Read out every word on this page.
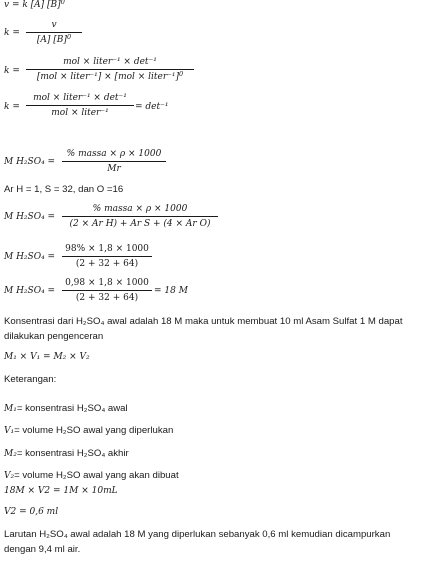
v = k [A] $[B]^0$
k =
v
[A] $[B]^0$
k =
mol × liter⁻¹ × det⁻¹
[mol × liter⁻¹] × [mol × liter⁻¹]$^0$
k =
mol × liter⁻¹ × det⁻¹
mol × liter⁻¹
= det⁻¹
M H₂SO₄ =
% massa × ρ × 1000
Mr
Ar H = 1, S = 32, dan O =16
M H₂SO₄ =
% massa × ρ × 1000
(2 × Ar H) + Ar S + (4 × Ar O)
M H₂SO₄ =
98% × 1,8 × 1000
(2 + 32 + 64)
M H₂SO₄ =
0,98 × 1,8 × 1000
(2 + 32 + 64)
= 18 M
Konsentrasi dari H₂SO₄ awal adalah 18 M maka untuk membuat 10 ml Asam Sulfat 1 M dapat
dilakukan pengenceran
M₁ × V₁ = M₂ × V₂
Keterangan:
M₁= konsentrasi H₂SO₄ awal
V₁= volume H₂SO awal yang diperlukan
M₂= konsentrasi H₂SO₄ akhir
V₂= volume H₂SO awal yang akan dibuat
18M × V2 = 1M × 10mL
V2 = 0,6 ml
Larutan H₂SO₄ awal adalah 18 M yang diperlukan sebanyak 0,6 ml kemudian dicampurkan
dengan 9,4 ml air.
